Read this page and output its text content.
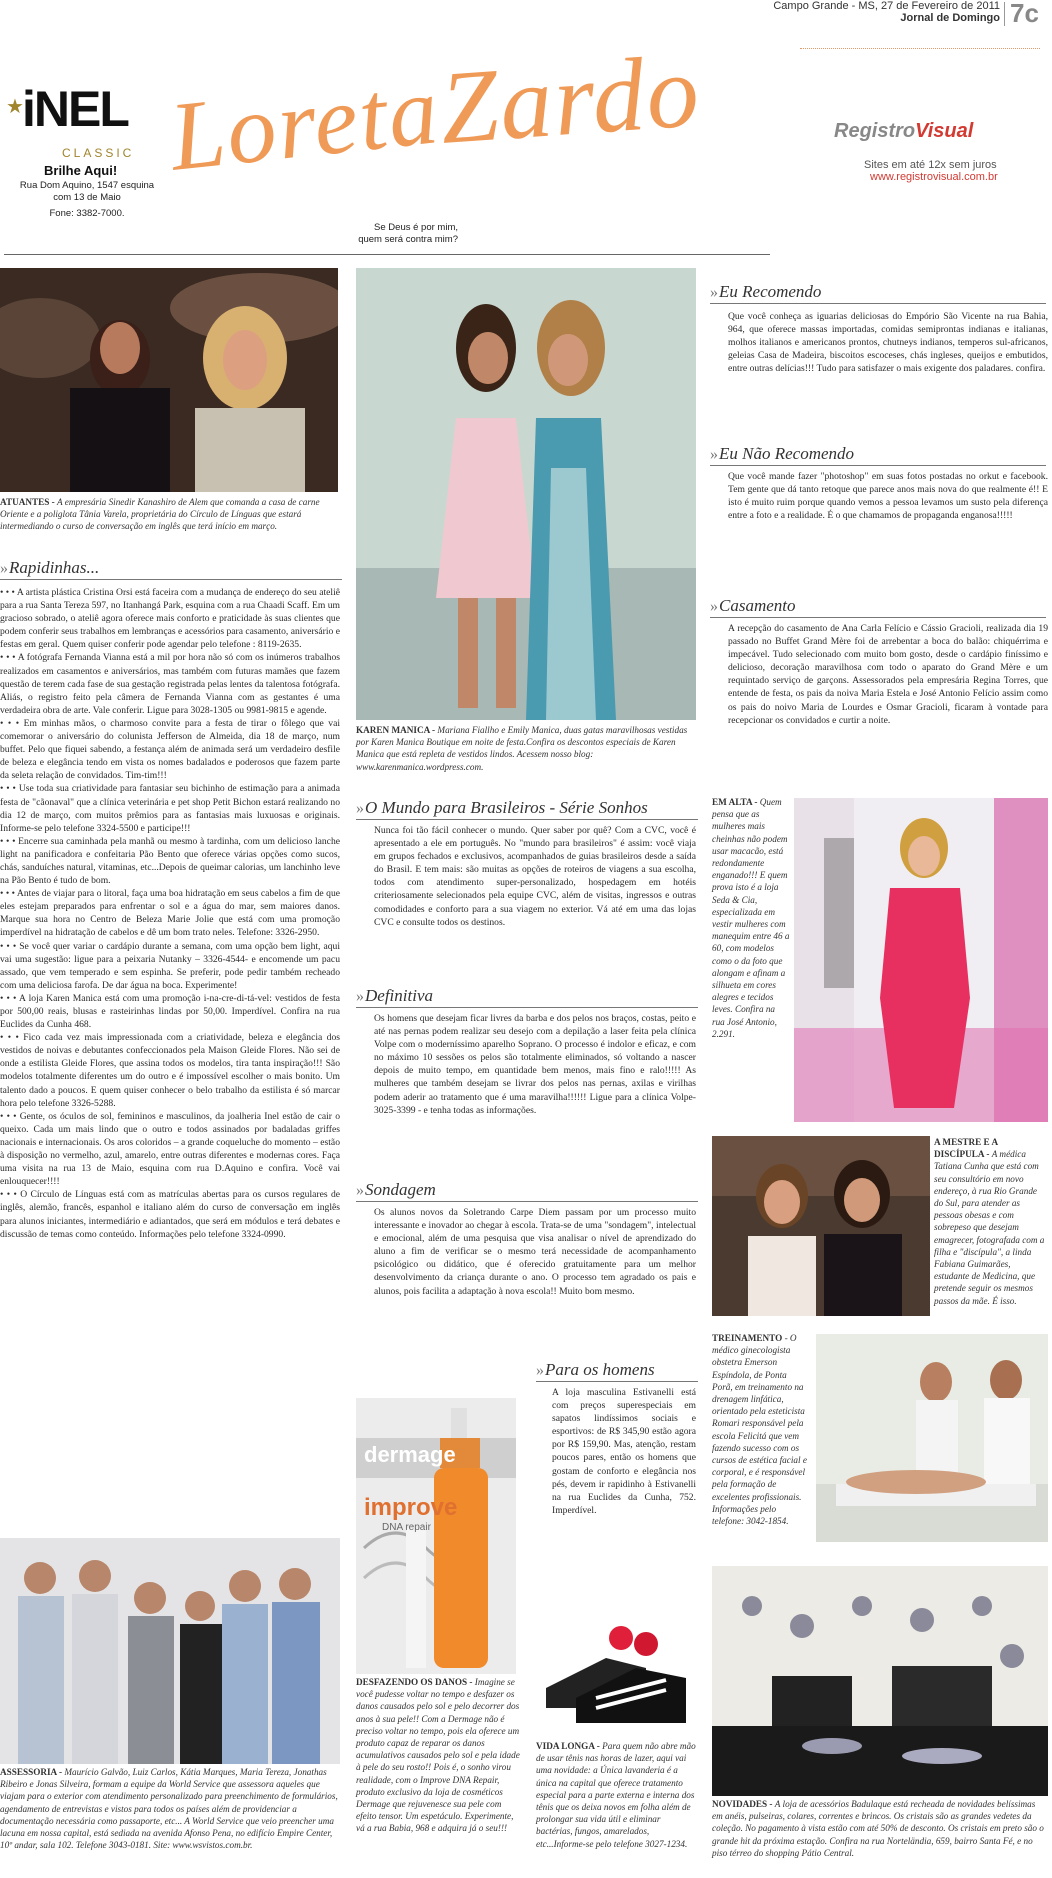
Campo Grande - MS, 27 de Fevereiro de 2011
Jornal de Domingo 7c
★
iNEL
CLASSIC
Brilhe Aqui!
Rua Dom Aquino, 1547 esquina com 13 de Maio
Fone: 3382-7000.
Loreta
Zardo
Se Deus é por mim, quem será contra mim?
RegistroVisual
Sites em até 12x sem juros
www.registrovisual.com.br
ATUANTES - A empresária Sinedir Kanashiro de Alem que comanda a casa de carne Oriente e a poliglota Tânia Varela, proprietária do Círculo de Línguas que estará intermediando o curso de conversação em inglês que terá início em março.
» Rapidinhas...

• • • A artista plástica Cristina Orsi está faceira com a mudança de endereço do seu ateliê para a rua Santa Tereza 597, no Itanhangá Park, esquina com a rua Chaadi Scaff. Em um gracioso sobrado, o ateliê agora oferece mais conforto e praticidade às suas clientes que podem conferir seus trabalhos em lembranças e acessórios para casamento, aniversário e festas em geral. Quem quiser conferir pode agendar pelo telefone : 8119-2635.

• • • A fotógrafa Fernanda Vianna está a mil por hora não só com os inúmeros trabalhos realizados em casamentos e aniversários, mas também com futuras mamães que fazem questão de terem cada fase de sua gestação registrada pelas lentes da talentosa fotógrafa. Aliás, o registro feito pela câmera de Fernanda Vianna com as gestantes é uma verdadeira obra de arte. Vale conferir. Ligue para 3028-1305 ou 9981-9815 e agende.

• • • Em minhas mãos, o charmoso convite para a festa de tirar o fôlego que vai comemorar o aniversário do colunista Jefferson de Almeida, dia 18 de março, num buffet. Pelo que fiquei sabendo, a festança além de animada será um verdadeiro desfile de beleza e elegância tendo em vista os nomes badalados e poderosos que fazem parte da seleta relação de convidados. Tim-tim!!!

• • • Use toda sua criatividade para fantasiar seu bichinho de estimação para a animada festa de "cãonaval" que a clínica veterinária e pet shop Petit Bichon estará realizando no dia 12 de março, com muitos prêmios para as fantasias mais luxuosas e originais. Informe-se pelo telefone 3324-5500 e participe!!!

• • • Encerre sua caminhada pela manhã ou mesmo à tardinha, com um delicioso lanche light na panificadora e confeitaria Pão Bento que oferece várias opções como sucos, chás, sanduíches natural, vitaminas, etc...Depois de queimar calorias, um lanchinho leve na Pão Bento é tudo de bom.

• • • Antes de viajar para o litoral, faça uma boa hidratação em seus cabelos a fim de que eles estejam preparados para enfrentar o sol e a água do mar, sem maiores danos. Marque sua hora no Centro de Beleza Marie Jolie que está com uma promoção imperdível na hidratação de cabelos e dê um bom trato neles. Telefone: 3326-2950.

• • • Se você quer variar o cardápio durante a semana, com uma opção bem light, aqui vai uma sugestão: ligue para a peixaria Nutanky – 3326-4544- e encomende um pacu assado, que vem temperado e sem espinha. Se preferir, pode pedir também recheado com uma deliciosa farofa. De dar água na boca. Experimente!

• • • A loja Karen Manica está com uma promoção i-na-cre-di-tá-vel: vestidos de festa por 500,00 reais, blusas e rasteirinhas lindas por 50,00. Imperdível. Confira na rua Euclides da Cunha 468.

• • • Fico cada vez mais impressionada com a criatividade, beleza e elegância dos vestidos de noivas e debutantes confeccionados pela Maison Gleide Flores. Não sei de onde a estilista Gleide Flores, que assina todos os modelos, tira tanta inspiração!!! São modelos totalmente diferentes um do outro e é impossível escolher o mais bonito. Um talento dado a poucos. E quem quiser conhecer o belo trabalho da estilista é só marcar hora pelo telefone 3326-5288.

• • • Gente, os óculos de sol, femininos e masculinos, da joalheria Inel estão de cair o queixo. Cada um mais lindo que o outro e todos assinados por badaladas griffes nacionais e internacionais. Os aros coloridos – a grande coqueluche do momento – estão à disposição no vermelho, azul, amarelo, entre outras diferentes e modernas cores. Faça uma visita na rua 13 de Maio, esquina com rua D.Aquino e confira. Você vai enlouquecer!!!!

• • • O Círculo de Línguas está com as matrículas abertas para os cursos regulares de inglês, alemão, francês, espanhol e italiano além do curso de conversação em inglês para alunos iniciantes, intermediário e adiantados, que será em módulos e terá debates e discussão de temas como conteúdo. Informações pelo telefone 3324-0990.

ASSESSORIA - Maurício Galvão, Luiz Carlos, Kátia Marques, Maria Tereza, Jonathas Ribeiro e Jonas Silveira, formam a equipe da World Service que assessora aqueles que viajam para o exterior com atendimento personalizado para preenchimento de formulários, agendamento de entrevistas e vistos para todos os países além de providenciar a documentação necessária como passaporte, etc... A World Service que veio preencher uma lacuna em nossa capital, está sediada na avenida Afonso Pena, no edifício Empire Center, 10º andar, sala 102. Telefone 3043-0181. Site: www.wsvistos.com.br.
KAREN MANICA - Mariana Fiallho e Emily Manica, duas gatas maravilhosas vestidas por Karen Manica Boutique em noite de festa.Confira os descontos especiais de Karen Manica que está repleta de vestidos lindos. Acessem nosso blog: www.karenmanica.wordpress.com.
» O Mundo para Brasileiros - Série Sonhos
Nunca foi tão fácil conhecer o mundo. Quer saber por quê? Com a CVC, você é apresentado a ele em português. No "mundo para brasileiros" é assim: você viaja em grupos fechados e exclusivos, acompanhados de guias brasileiros desde a saída do Brasil. E tem mais: são muitas as opções de roteiros de viagens a sua escolha, todos com atendimento super-personalizado, hospedagem em hotéis criteriosamente selecionados pela equipe CVC, além de visitas, ingressos e outras comodidades e conforto para a sua viagem no exterior. Vá até em uma das lojas CVC e consulte todos os destinos.
» Definitiva
Os homens que desejam ficar livres da barba e dos pelos nos braços, costas, peito e até nas pernas podem realizar seu desejo com a depilação a laser feita pela clínica Volpe com o moderníssimo aparelho Soprano. O processo é indolor e eficaz, e com no máximo 10 sessões os pelos são totalmente eliminados, só voltando a nascer depois de muito tempo, em quantidade bem menos, mais fino e ralo!!!!! As mulheres que também desejam se livrar dos pelos nas pernas, axilas e virilhas podem aderir ao tratamento que é uma maravilha!!!!!! Ligue para a clínica Volpe-3025-3399 - e tenha todas as informações.
» Sondagem
Os alunos novos da Soletrando Carpe Diem passam por um processo muito interessante e inovador ao chegar à escola. Trata-se de uma "sondagem", intelectual e emocional, além de uma pesquisa que visa analisar o nível de aprendizado do aluno a fim de verificar se o mesmo terá necessidade de acompanhamento psicológico ou didático, que é oferecido gratuitamente para um melhor desenvolvimento da criança durante o ano. O processo tem agradado os pais e alunos, pois facilita a adaptação à nova escola!! Muito bom mesmo.
» Para os homens
A loja masculina Estivanelli está com preços superespeciais em sapatos lindíssimos sociais e esportivos: de R$ 345,90 estão agora por R$ 159,90. Mas, atenção, restam poucos pares, então os homens que gostam de conforto e elegância nos pés, devem ir rapidinho à Estivanelli na rua Euclides da Cunha, 752. Imperdível.
dermage
improve
DNA repair
DESFAZENDO OS DANOS - Imagine se você pudesse voltar no tempo e desfazer os danos causados pelo sol e pelo decorrer dos anos à sua pele!! Com a Dermage não é preciso voltar no tempo, pois ela oferece um produto capaz de reparar os danos acumulativos causados pelo sol e pela idade à pele do seu rosto!! Pois é, o sonho virou realidade, com o Improve DNA Repair, produto exclusivo da loja de cosméticos Dermage que rejuvenesce sua pele com efeito tensor. Um espetáculo. Experimente, vá a rua Babia, 968 e adquira já o seu!!!
VIDA LONGA - Para quem não abre mão de usar tênis nas horas de lazer, aqui vai uma novidade: a Única lavanderia é a única na capital que oferece tratamento especial para a parte externa e interna dos tênis que os deixa novos em folha além de prolongar sua vida útil e eliminar bactérias, fungos, amarelados, etc...Informe-se pelo telefone 3027-1234.
» Eu Recomendo
Que você conheça as iguarias deliciosas do Empório São Vicente na rua Bahia, 964, que oferece massas importadas, comidas semiprontas indianas e italianas, molhos italianos e americanos prontos, chutneys indianos, temperos sul-africanos, geleias Casa de Madeira, biscoitos escoceses, chás ingleses, queijos e embutidos, entre outras delícias!!! Tudo para satisfazer o mais exigente dos paladares. confira.
» Eu Não Recomendo
Que você mande fazer "photoshop" em suas fotos postadas no orkut e facebook. Tem gente que dá tanto retoque que parece anos mais nova do que realmente é!! E isto é muito ruim porque quando vemos a pessoa levamos um susto pela diferença entre a foto e a realidade. É o que chamamos de propaganda enganosa!!!!!
» Casamento
A recepção do casamento de Ana Carla Felício e Cássio Gracioli, realizada dia 19 passado no Buffet Grand Mère foi de arrebentar a boca do balão: chiquérrima e impecável. Tudo selecionado com muito bom gosto, desde o cardápio finíssimo e delicioso, decoração maravilhosa com todo o aparato do Grand Mère e um requintado serviço de garçons. Assessorados pela empresária Regina Torres, que entende de festa, os pais da noiva Maria Estela e José Antonio Felício assim como os pais do noivo Maria de Lourdes e Osmar Gracioli, ficaram à vontade para recepcionar os convidados e curtir a noite.
EM ALTA - Quem pensa que as mulheres mais cheinhas não podem usar macacão, está redondamente enganado!!! E quem prova isto é a loja Seda & Cia, especializada em vestir mulheres com manequim entre 46 a 60, com modelos como o da foto que alongam e afinam a silhueta em cores alegres e tecidos leves. Confira na rua José Antonio, 2.291.
A MESTRE E A DISCÍPULA - A médica Tatiana Cunha que está com seu consultório em novo endereço, à rua Rio Grande do Sul, para atender as pessoas obesas e com sobrepeso que desejam emagrecer, fotografada com a filha e "discípula", a linda Fabiana Guimarães, estudante de Medicina, que pretende seguir os mesmos passos da mãe. É isso.
TREINAMENTO - O médico ginecologista obstetra Emerson Espíndola, de Ponta Porã, em treinamento na drenagem linfática, orientado pela esteticista Romari responsável pela escola Felicitá que vem fazendo sucesso com os cursos de estética facial e corporal, e é responsável pela formação de excelentes profissionais. Informações pelo telefone: 3042-1854.
NOVIDADES - A loja de acessórios Badulaque está recheada de novidades belíssimas em anéis, pulseiras, colares, correntes e brincos. Os cristais são as grandes vedetes da coleção. No pagamento à vista estão com até 50% de desconto. Os cristais em preto são o grande hit da próxima estação. Confira na rua Norteländia, 659, bairro Santa Fé, e no piso térreo do shopping Pátio Central.
